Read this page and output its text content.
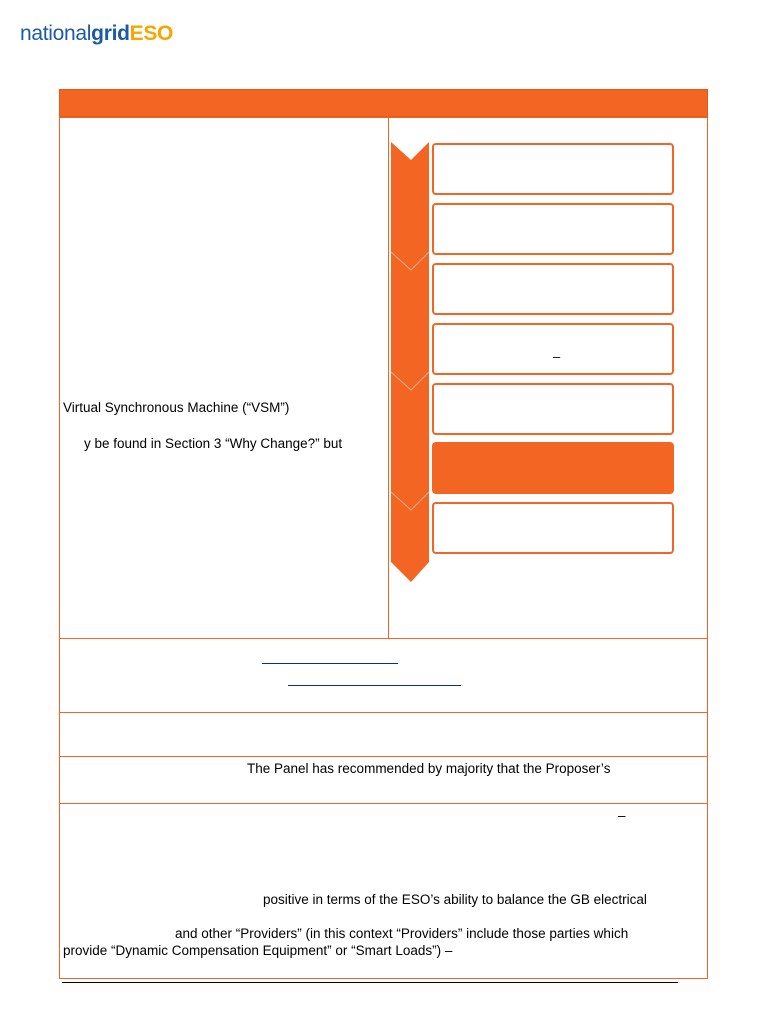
nationalgridESO
Virtual Synchronous Machine (“VSM”)
y be found in Section 3 “Why Change?” but
–
The Panel has recommended by majority that the Proposer’s
–
positive in terms of the ESO’s ability to balance the GB electrical
and other “Providers” (in this context “Providers” include those parties which
provide “Dynamic Compensation Equipment” or “Smart Loads”) –
